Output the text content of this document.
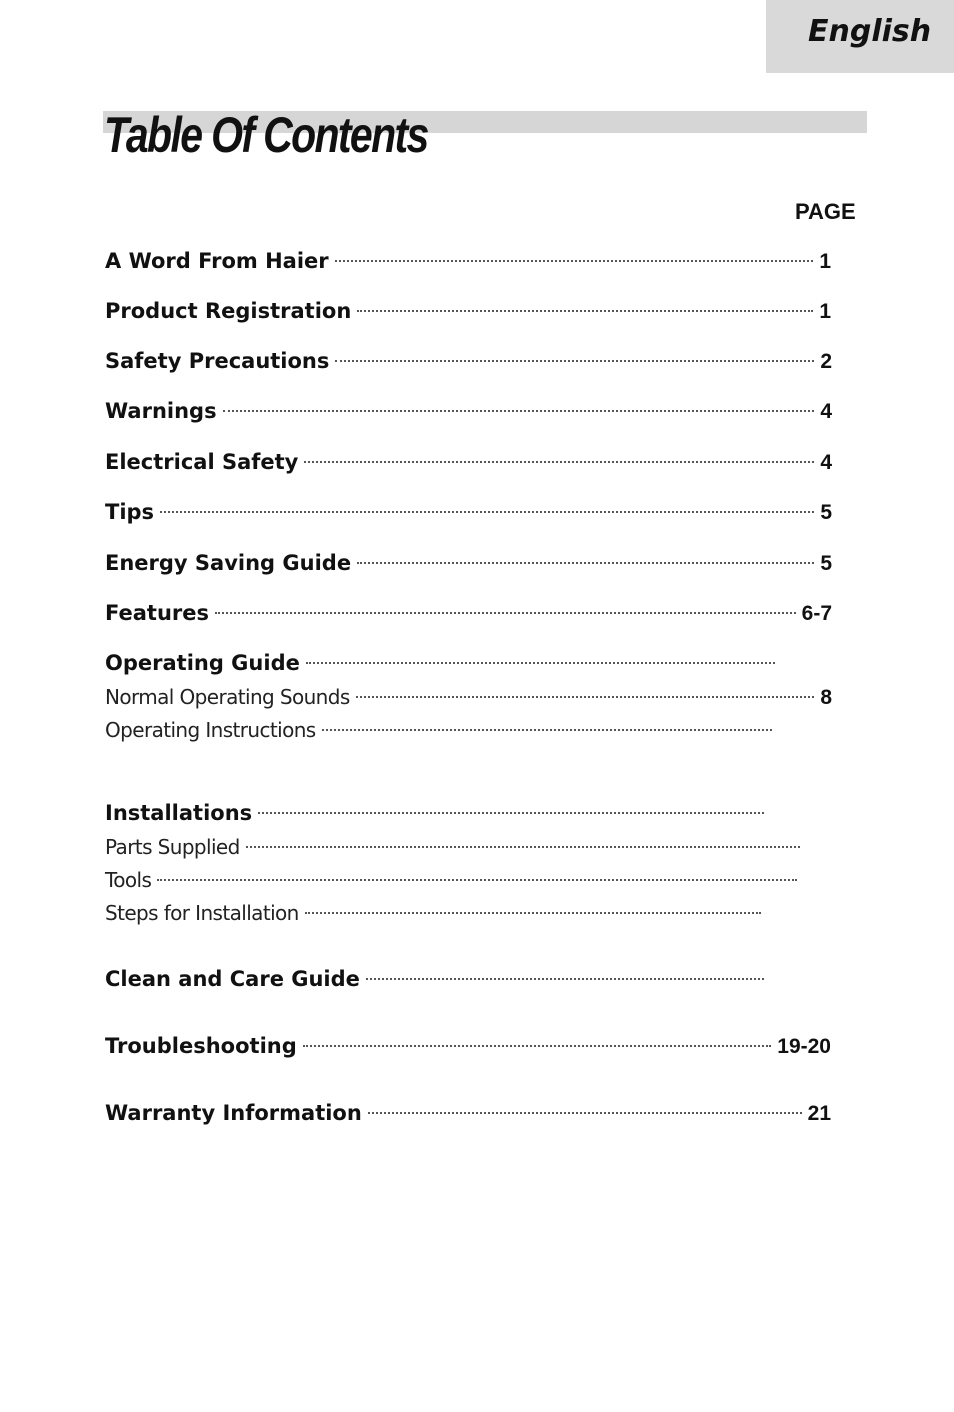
English
Table Of Contents
PAGE
A Word From Haier	1
Product Registration	1
Safety Precautions	2
Warnings	4
Electrical Safety	4
Tips	5
Energy Saving Guide	5
Features	6-7
Operating Guide
Normal Operating Sounds	8
Operating Instructions
Installations
Parts Supplied
Tools
Steps for Installation
Clean and Care Guide
Troubleshooting	19-20
Warranty Information	21
